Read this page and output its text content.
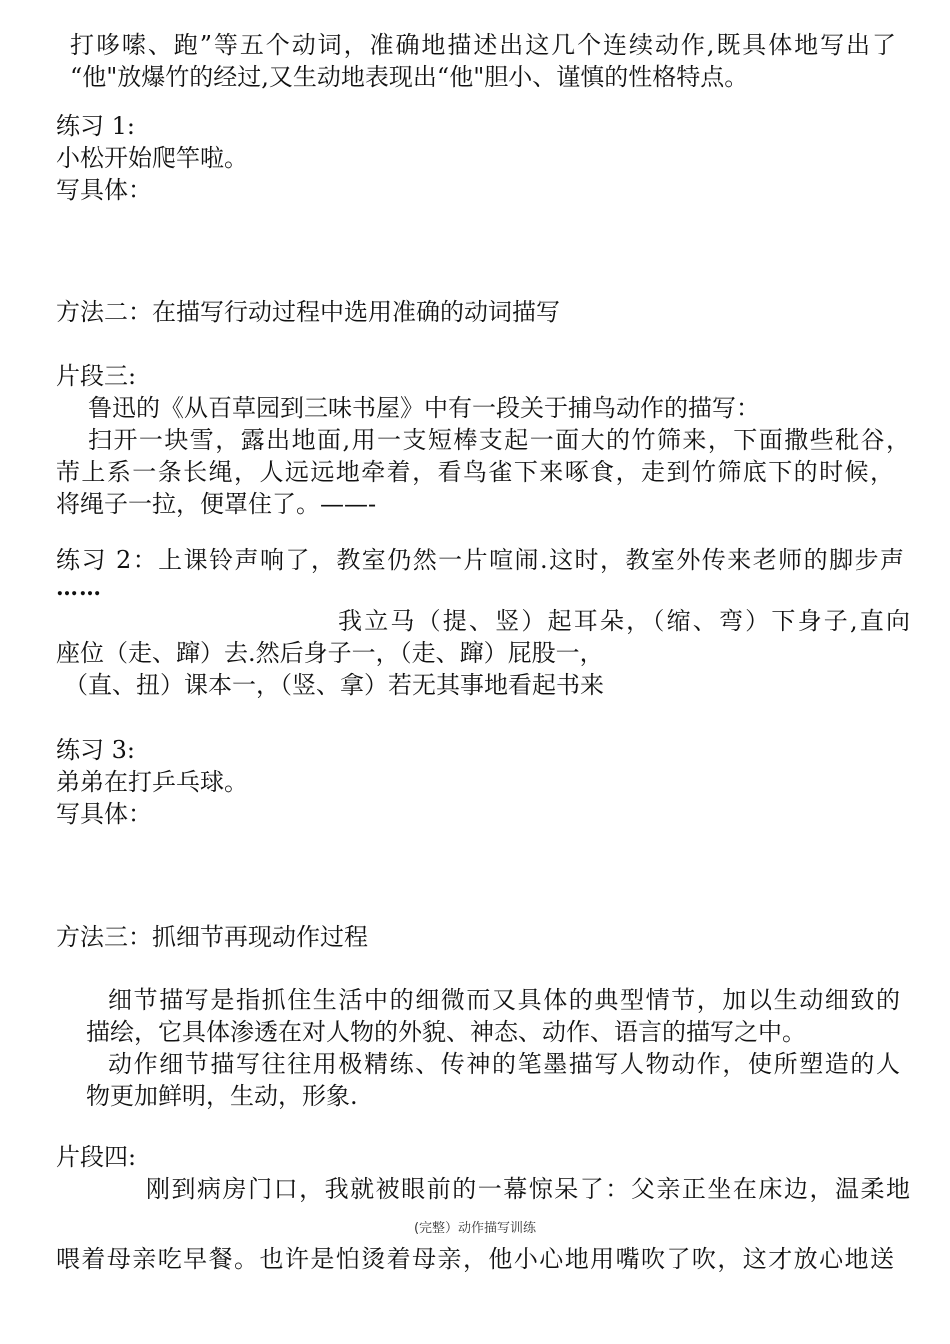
打哆嗦、跑”等五个动词，准确地描述出这几个连续动作,既具体地写出了
“他"放爆竹的经过,又生动地表现出“他"胆小、谨慎的性格特点。
练习 1:
小松开始爬竿啦。
写具体：
方法二：在描写行动过程中选用准确的动词描写
片段三:
鲁迅的《从百草园到三味书屋》中有一段关于捕鸟动作的描写：
扫开一块雪，露出地面,用一支短棒支起一面大的竹筛来，下面撒些秕谷，
芾上系一条长绳，人远远地牵着，看鸟雀下来啄食，走到竹筛底下的时候，
将绳子一拉，便罩住了。——-
练习 2：上课铃声响了，教室仍然一片喧闹.这时，教室外传来老师的脚步声
……
我立马（提、竖）起耳朵，（缩、弯）下身子,直向
座位（走、蹿）去.然后身子一，（走、蹿）屁股一，
（直、扭）课本一，（竖、拿）若无其事地看起书来
练习 3:
弟弟在打乒乓球。
写具体：
方法三：抓细节再现动作过程
细节描写是指抓住生活中的细微而又具体的典型情节，加以生动细致的
描绘，它具体渗透在对人物的外貌、神态、动作、语言的描写之中。
动作细节描写往往用极精练、传神的笔墨描写人物动作，使所塑造的人
物更加鲜明，生动，形象.
片段四:
刚到病房门口，我就被眼前的一幕惊呆了：父亲正坐在床边，温柔地
(完整）动作描写训练
喂着母亲吃早餐。也许是怕烫着母亲，他小心地用嘴吹了吹，这才放心地送
